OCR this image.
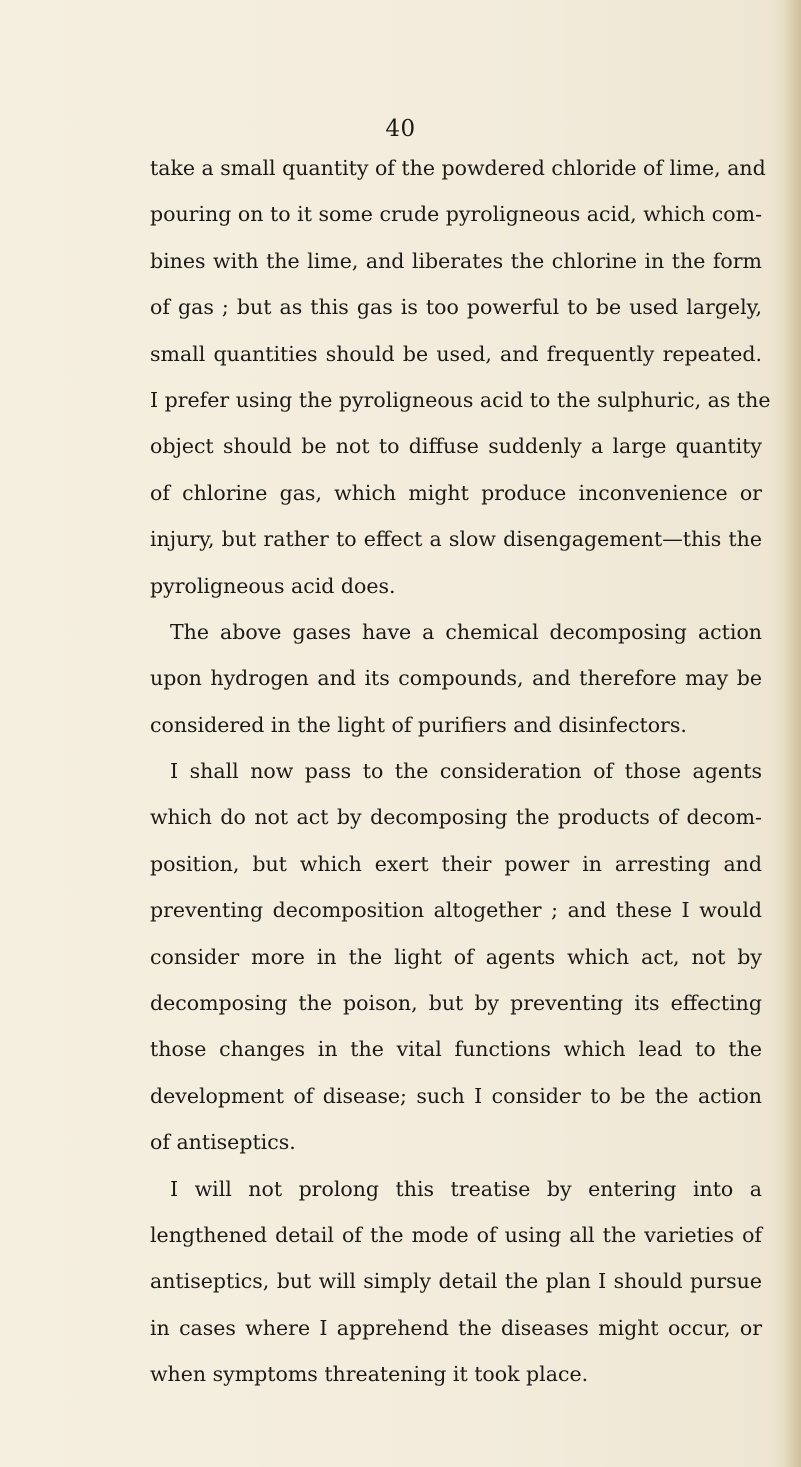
40
take a small quantity of the powdered chloride of lime, and
pouring on to it some crude pyroligneous acid, which com-
bines with the lime, and liberates the chlorine in the form
of gas ; but as this gas is too powerful to be used largely,
small quantities should be used, and frequently repeated.
I prefer using the pyroligneous acid to the sulphuric, as the
object should be not to diffuse suddenly a large quantity
of chlorine gas, which might produce inconvenience or
injury, but rather to effect a slow disengagement—this the
pyroligneous acid does.
The above gases have a chemical decomposing action
upon hydrogen and its compounds, and therefore may be
considered in the light of purifiers and disinfectors.
I shall now pass to the consideration of those agents
which do not act by decomposing the products of decom-
position, but which exert their power in arresting and
preventing decomposition altogether ; and these I would
consider more in the light of agents which act, not by
decomposing the poison, but by preventing its effecting
those changes in the vital functions which lead to the
development of disease; such I consider to be the action
of antiseptics.
I will not prolong this treatise by entering into a
lengthened detail of the mode of using all the varieties of
antiseptics, but will simply detail the plan I should pursue
in cases where I apprehend the diseases might occur, or
when symptoms threatening it took place.
